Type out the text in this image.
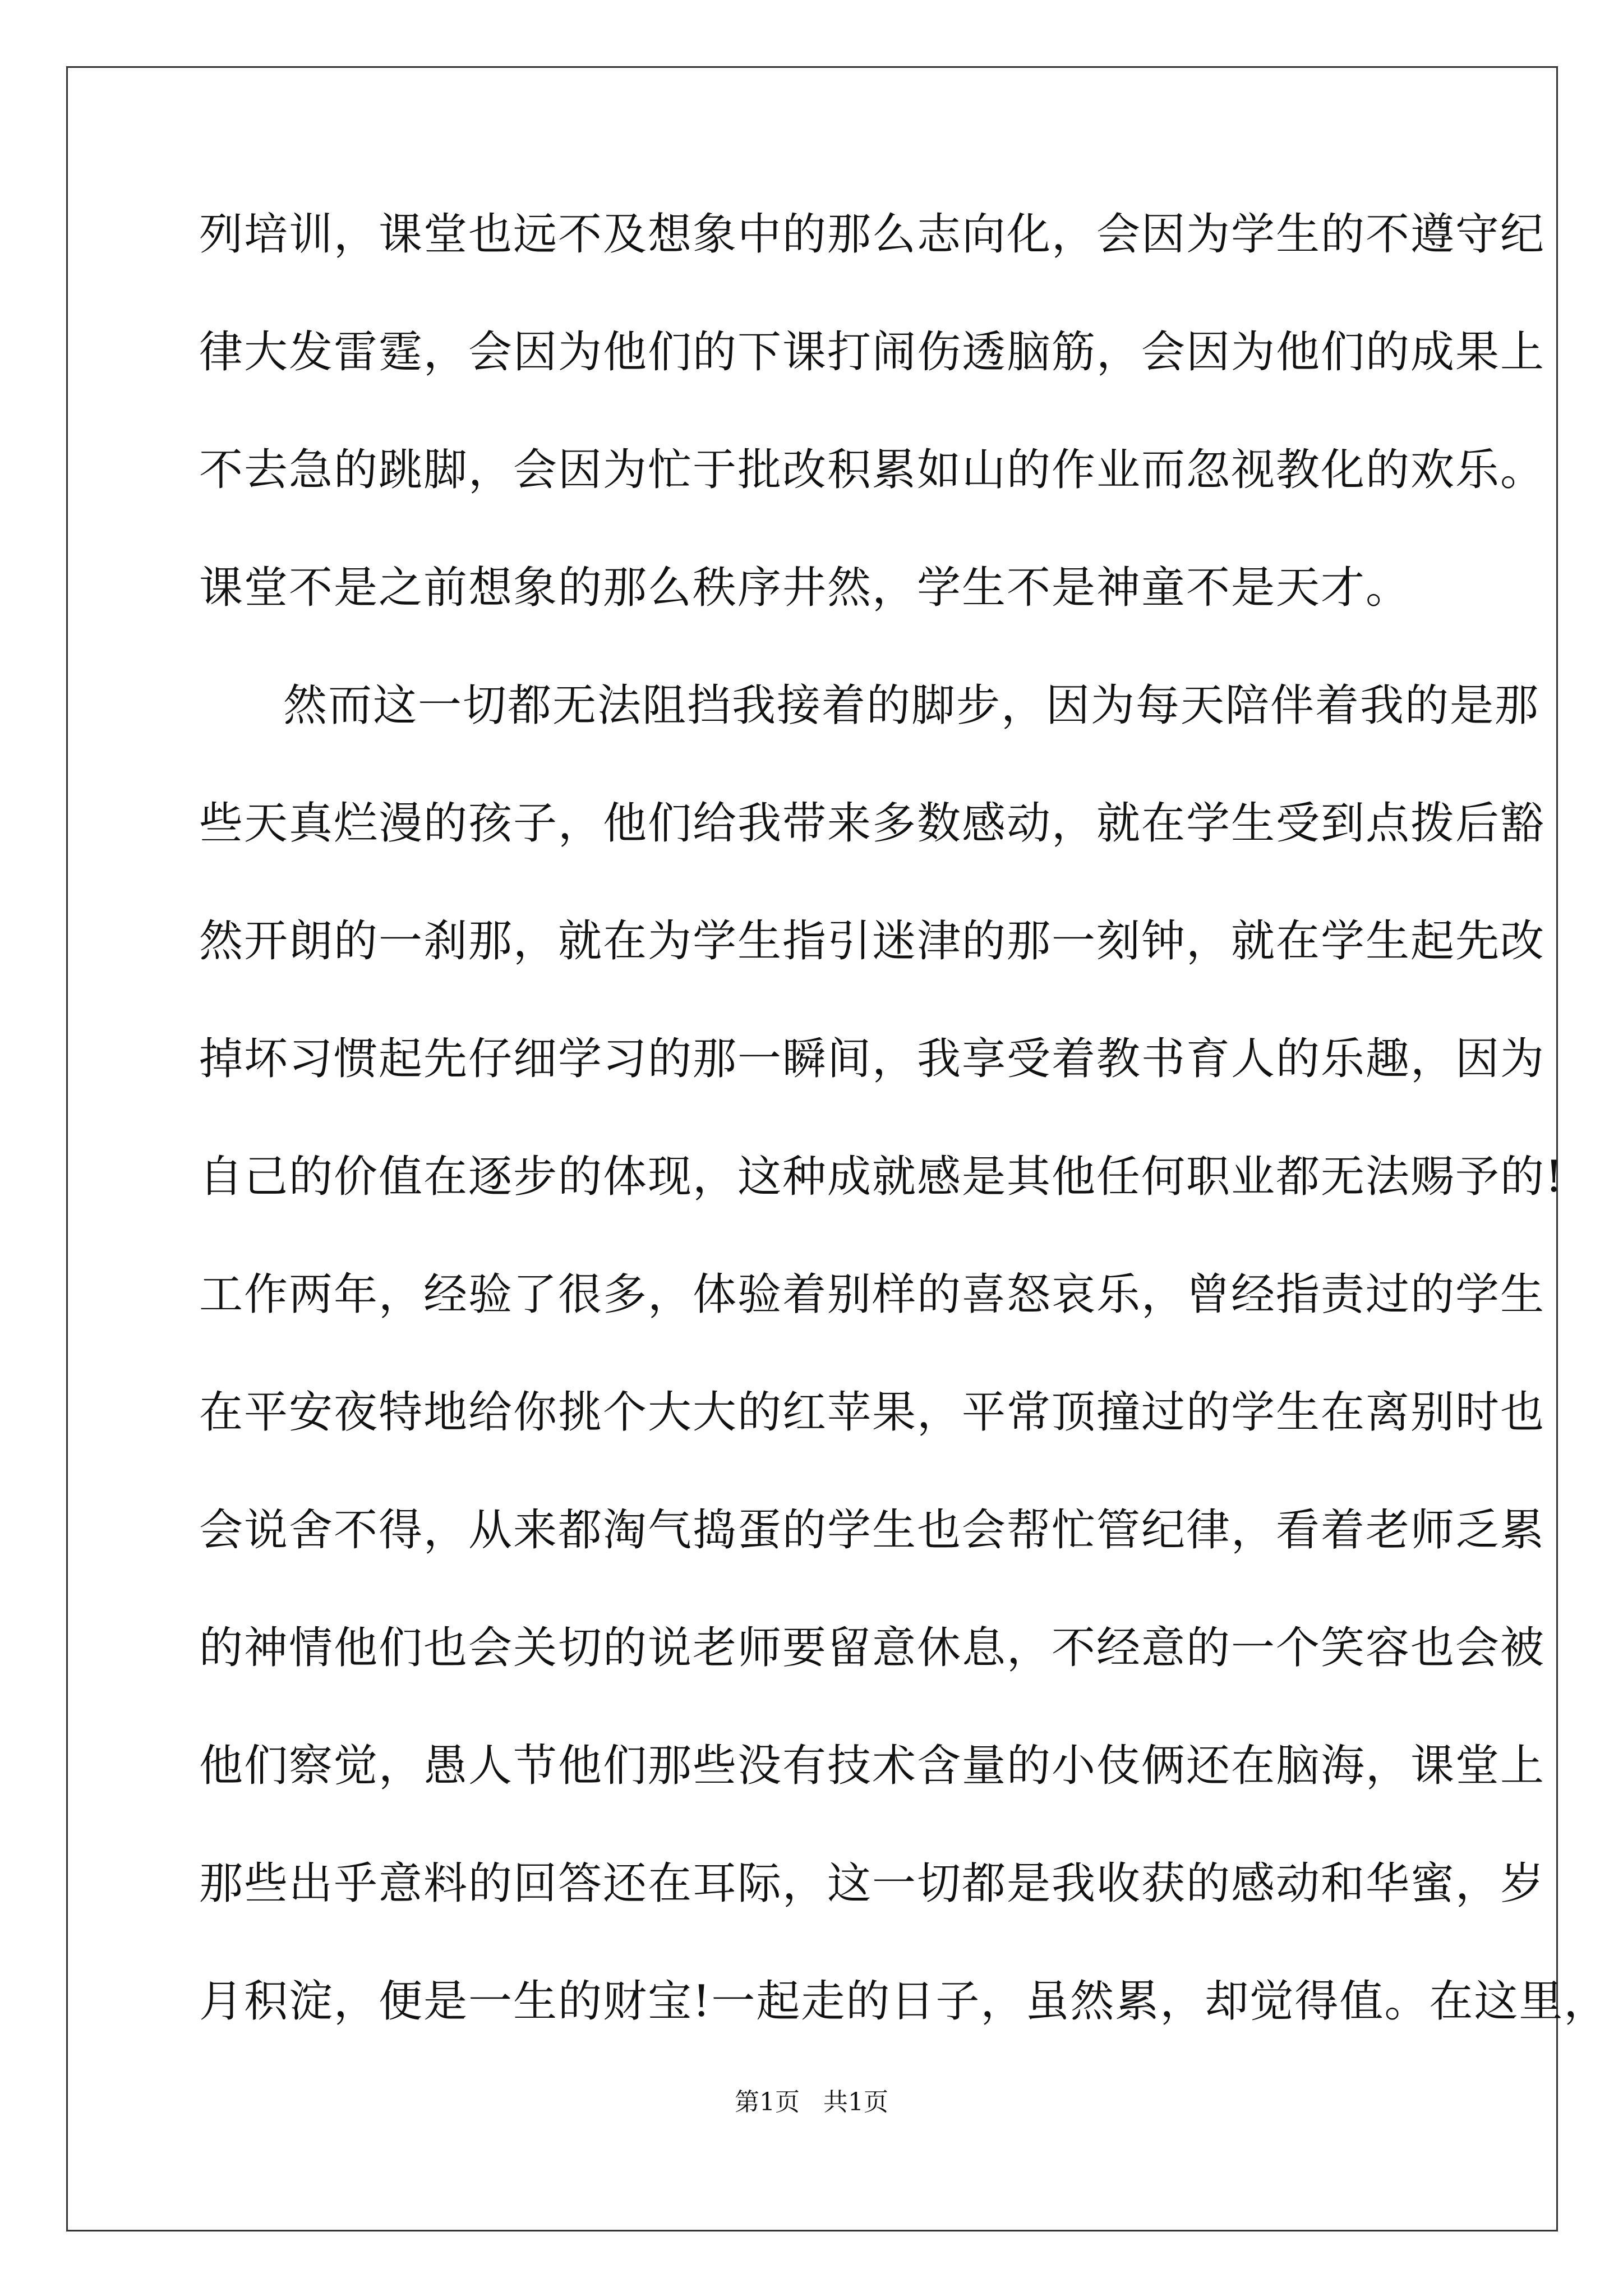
列培训，课堂也远不及想象中的那么志向化，会因为学生的不遵守纪
律大发雷霆，会因为他们的下课打闹伤透脑筋，会因为他们的成果上
不去急的跳脚，会因为忙于批改积累如山的作业而忽视教化的欢乐。
课堂不是之前想象的那么秩序井然，学生不是神童不是天才。
然而这一切都无法阻挡我接着的脚步，因为每天陪伴着我的是那
些天真烂漫的孩子，他们给我带来多数感动，就在学生受到点拨后豁
然开朗的一刹那，就在为学生指引迷津的那一刻钟，就在学生起先改
掉坏习惯起先仔细学习的那一瞬间，我享受着教书育人的乐趣，因为
自己的价值在逐步的体现，这种成就感是其他任何职业都无法赐予的!
工作两年，经验了很多，体验着别样的喜怒哀乐，曾经指责过的学生
在平安夜特地给你挑个大大的红苹果，平常顶撞过的学生在离别时也
会说舍不得，从来都淘气捣蛋的学生也会帮忙管纪律，看着老师乏累
的神情他们也会关切的说老师要留意休息，不经意的一个笑容也会被
他们察觉，愚人节他们那些没有技术含量的小伎俩还在脑海，课堂上
那些出乎意料的回答还在耳际，这一切都是我收获的感动和华蜜，岁
月积淀，便是一生的财宝!一起走的日子，虽然累，却觉得值。在这里，
第1页   共1页
